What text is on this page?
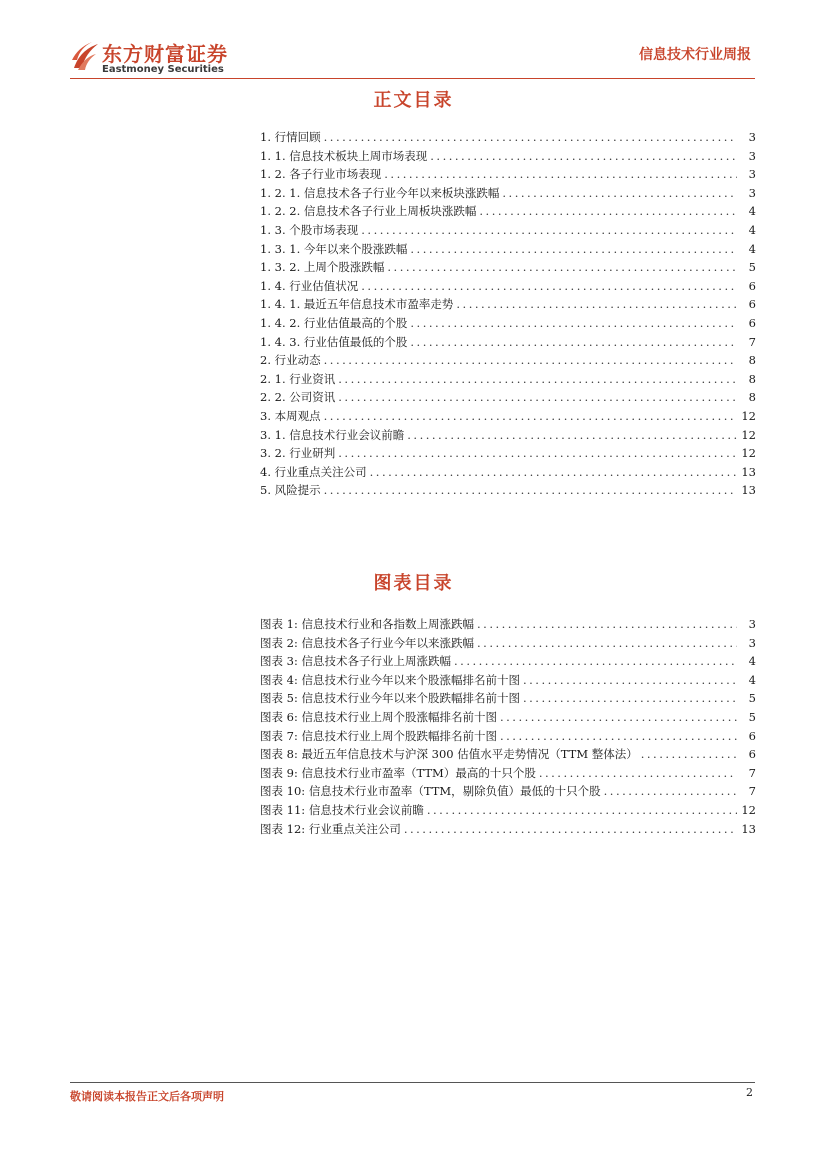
东方财富证券
Eastmoney Securities
信息技术行业周报
正文目录
1. 行情回顾 .....	3
1. 1. 信息技术板块上周市场表现 .....	3
1. 2. 各子行业市场表现 .....	3
1. 2. 1. 信息技术各子行业今年以来板块涨跌幅 .....	3
1. 2. 2. 信息技术各子行业上周板块涨跌幅 .....	4
1. 3. 个股市场表现 .....	4
1. 3. 1. 今年以来个股涨跌幅 .....	4
1. 3. 2. 上周个股涨跌幅 .....	5
1. 4. 行业估值状况 .....	6
1. 4. 1. 最近五年信息技术市盈率走势 .....	6
1. 4. 2. 行业估值最高的个股 .....	6
1. 4. 3. 行业估值最低的个股 .....	7
2. 行业动态 .....	8
2. 1. 行业资讯 .....	8
2. 2. 公司资讯 .....	8
3. 本周观点 .....	12
3. 1. 信息技术行业会议前瞻 .....	12
3. 2. 行业研判 .....	12
4. 行业重点关注公司 .....	13
5. 风险提示 .....	13
图表目录
图表 1: 信息技术行业和各指数上周涨跌幅 .....	3
图表 2: 信息技术各子行业今年以来涨跌幅 .....	3
图表 3: 信息技术各子行业上周涨跌幅 .....	4
图表 4: 信息技术行业今年以来个股涨幅排名前十图 .....	4
图表 5: 信息技术行业今年以来个股跌幅排名前十图 .....	5
图表 6: 信息技术行业上周个股涨幅排名前十图 .....	5
图表 7: 信息技术行业上周个股跌幅排名前十图 .....	6
图表 8: 最近五年信息技术与沪深 300 估值水平走势情况（TTM 整体法） .....	6
图表 9: 信息技术行业市盈率（TTM）最高的十只个股 .....	7
图表 10: 信息技术行业市盈率（TTM，剔除负值）最低的十只个股 .....	7
图表 11: 信息技术行业会议前瞻 .....	12
图表 12: 行业重点关注公司 .....	13
敬请阅读本报告正文后各项声明	2
